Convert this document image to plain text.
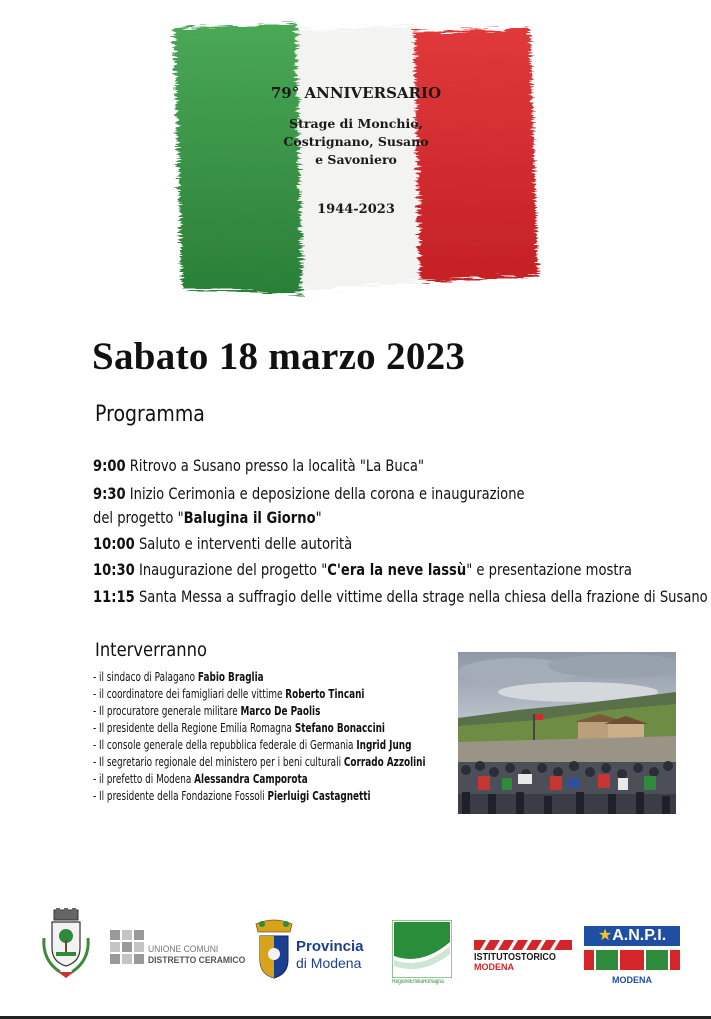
79° ANNIVERSARIO
Strage di Monchio,
Costrignano, Susano
e Savoniero
1944-2023
Sabato 18 marzo 2023
Programma
9:00 Ritrovo a Susano presso la località "La Buca"
9:30 Inizio Cerimonia e deposizione della corona e inaugurazione
del progetto "Balugina il Giorno"
10:00 Saluto e interventi delle autorità
10:30 Inaugurazione del progetto "C'era la neve lassù" e presentazione mostra
11:15 Santa Messa a suffragio delle vittime della strage nella chiesa della frazione di Susano
Interverranno
- il sindaco di Palagano Fabio Braglia
- il coordinatore dei famigliari delle vittime Roberto Tincani
- Il procuratore generale militare Marco De Paolis
- Il presidente della Regione Emilia Romagna Stefano Bonaccini
- Il console generale della repubblica federale di Germania Ingrid Jung
- Il segretario regionale del ministero per i beni culturali Corrado Azzolini
- il prefetto di Modena Alessandra Camporota
- Il presidente della Fondazione Fossoli Pierluigi Castagnetti
UNIONE COMUNI
DISTRETTO CERAMICO
Provincia
di Modena
RegioneEmiliaRomagna
ISTITUTOSTORICO
MODENA
★A.N.P.I.
MODENA
